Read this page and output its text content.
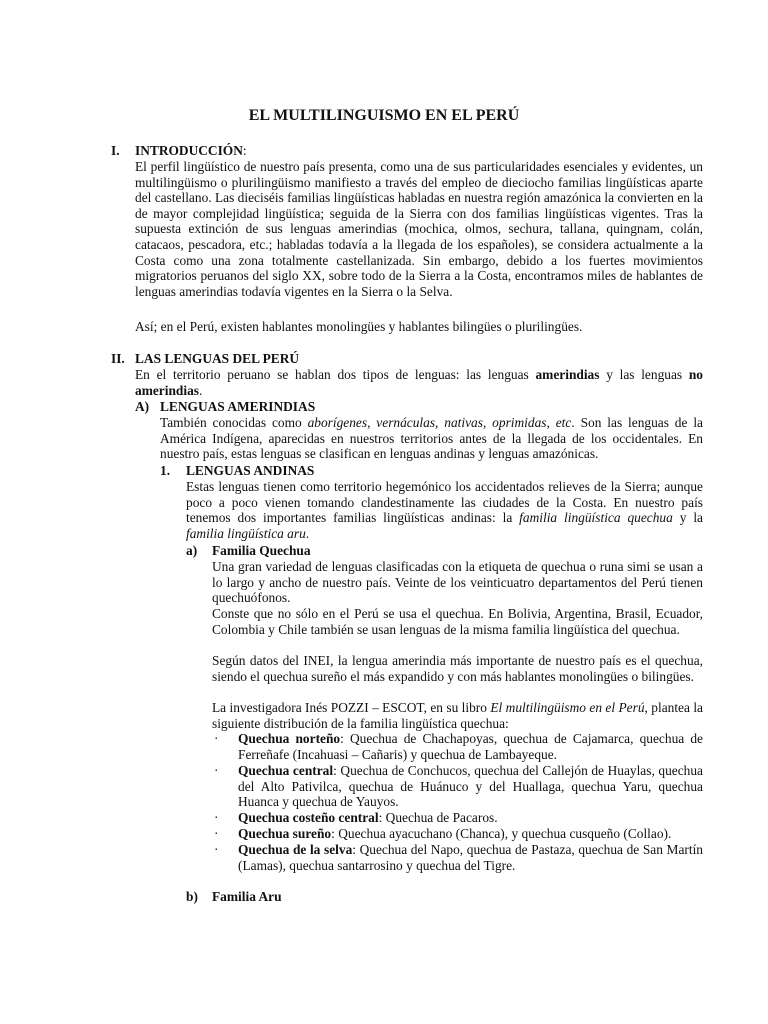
EL MULTILINGUISMO EN EL PERÚ
I. INTRODUCCIÓN:
El perfil lingüístico de nuestro país presenta, como una de sus particularidades esenciales y evidentes, un multilingüismo o plurilingüismo manifiesto a través del empleo de dieciocho familias lingüísticas aparte del castellano. Las dieciséis familias lingüísticas habladas en nuestra región amazónica la convierten en la de mayor complejidad lingüística; seguida de la Sierra con dos familias lingüísticas vigentes. Tras la supuesta extinción de sus lenguas amerindias (mochica, olmos, sechura, tallana, quingnam, colán, catacaos, pescadora, etc.; habladas todavía a la llegada de los españoles), se considera actualmente a la Costa como una zona totalmente castellanizada. Sin embargo, debido a los fuertes movimientos migratorios peruanos del siglo XX, sobre todo de la Sierra a la Costa, encontramos miles de hablantes de lenguas amerindias todavía vigentes en la Sierra o la Selva.
Así; en el Perú, existen hablantes monolingües y hablantes bilingües o plurilingües.
II. LAS LENGUAS DEL PERÚ
En el territorio peruano se hablan dos tipos de lenguas: las lenguas amerindias y las lenguas no amerindias.
A) LENGUAS AMERINDIAS
También conocidas como aborígenes, vernáculas, nativas, oprimidas, etc. Son las lenguas de la América Indígena, aparecidas en nuestros territorios antes de la llegada de los occidentales. En nuestro país, estas lenguas se clasifican en lenguas andinas y lenguas amazónicas.
1. LENGUAS ANDINAS
Estas lenguas tienen como territorio hegemónico los accidentados relieves de la Sierra; aunque poco a poco vienen tomando clandestinamente las ciudades de la Costa. En nuestro país tenemos dos importantes familias lingüísticas andinas: la familia lingüística quechua y la familia lingüística aru.
a) Familia Quechua
Una gran variedad de lenguas clasificadas con la etiqueta de quechua o runa simi se usan a lo largo y ancho de nuestro país. Veinte de los veinticuatro departamentos del Perú tienen quechuófonos.
Conste que no sólo en el Perú se usa el quechua. En Bolivia, Argentina, Brasil, Ecuador, Colombia y Chile también se usan lenguas de la misma familia lingüística del quechua.
Según datos del INEI, la lengua amerindia más importante de nuestro país es el quechua, siendo el quechua sureño el más expandido y con más hablantes monolingües o bilingües.
La investigadora Inés POZZI – ESCOT, en su libro El multilingüismo en el Perú, plantea la siguiente distribución de la familia lingüística quechua:
· Quechua norteño: Quechua de Chachapoyas, quechua de Cajamarca, quechua de Ferreñafe (Incahuasi – Cañaris) y quechua de Lambayeque.
· Quechua central: Quechua de Conchucos, quechua del Callejón de Huaylas, quechua del Alto Pativilca, quechua de Huánuco y del Huallaga, quechua Yaru, quechua Huanca y quechua de Yauyos.
· Quechua costeño central: Quechua de Pacaros.
· Quechua sureño: Quechua ayacuchano (Chanca), y quechua cusqueño (Collao).
· Quechua de la selva: Quechua del Napo, quechua de Pastaza, quechua de San Martín (Lamas), quechua santarrosino y quechua del Tigre.
b) Familia Aru
